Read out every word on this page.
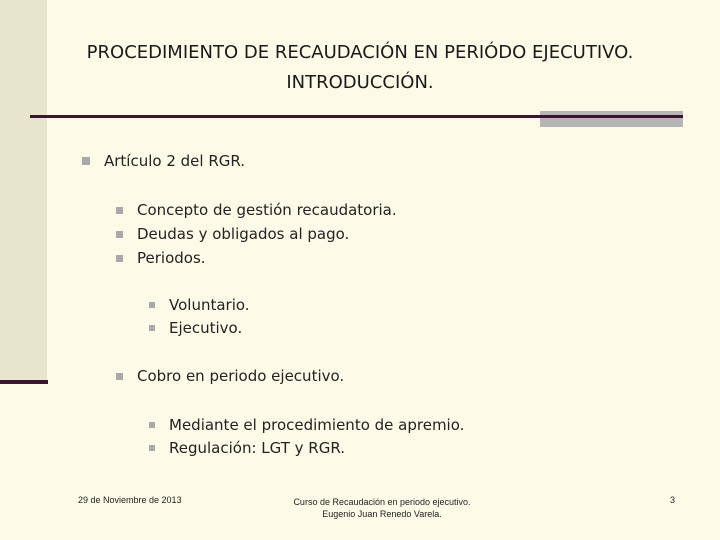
PROCEDIMIENTO DE RECAUDACIÓN EN PERIÓDO EJECUTIVO.
INTRODUCCIÓN.
Artículo 2 del RGR.
Concepto de gestión recaudatoria.
Deudas y obligados al pago.
Periodos.
Voluntario.
Ejecutivo.
Cobro en periodo ejecutivo.
Mediante el procedimiento de apremio.
Regulación: LGT y RGR.
29 de Noviembre de 2013	Curso de Recaudación en periodo ejecutivo.
Eugenio Juan Renedo Varela.
3
